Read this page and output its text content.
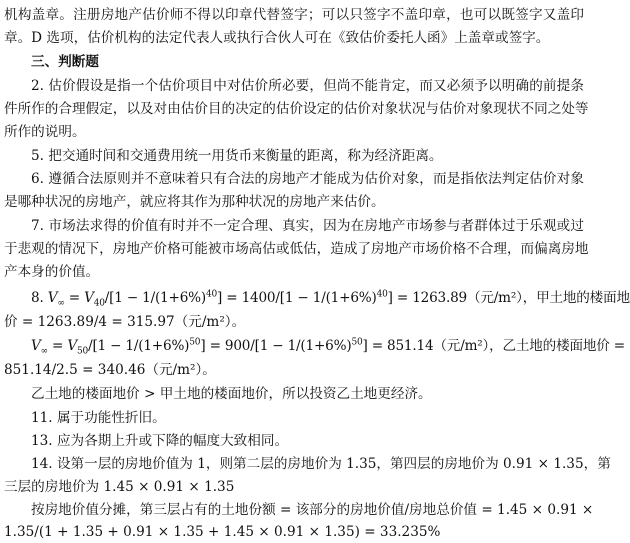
机构盖章。注册房地产估价师不得以印章代替签字；可以只签字不盖印章，也可以既签字又盖印
章。D 选项，估价机构的法定代表人或执行合伙人可在《致估价委托人函》上盖章或签字。
三、判断题
2. 估价假设是指一个估价项目中对估价所必要，但尚不能肯定，而又必须予以明确的前提条
件所作的合理假定，以及对由估价目的决定的估价设定的估价对象状况与估价对象现状不同之处等
所作的说明。
5. 把交通时间和交通费用统一用货币来衡量的距离，称为经济距离。
6. 遵循合法原则并不意味着只有合法的房地产才能成为估价对象，而是指依法判定估价对象
是哪种状况的房地产，就应将其作为那种状况的房地产来估价。
7. 市场法求得的价值有时并不一定合理、真实，因为在房地产市场参与者群体过于乐观或过
于悲观的情况下，房地产价格可能被市场高估或低估，造成了房地产市场价格不合理，而偏离房地
产本身的价值。
8. $V_\infty = V_{40}/[1 - 1/(1+6\%)^{40}] = 1400/[1 - 1/(1+6\%)^{40}] = 1263.89$（元/m²），甲土地的楼面地
价 = 1263.89/4 = 315.97（元/m²）。
$V_\infty = V_{50}/[1 - 1/(1+6\%)^{50}] = 900/[1 - 1/(1+6\%)^{50}] = 851.14$（元/m²），乙土地的楼面地价 =
851.14/2.5 = 340.46（元/m²）。
乙土地的楼面地价 > 甲土地的楼面地价，所以投资乙土地更经济。
11. 属于功能性折旧。
13. 应为各期上升或下降的幅度大致相同。
14. 设第一层的房地价值为 1，则第二层的房地价为 1.35，第四层的房地价为 0.91 × 1.35，第
三层的房地价为 1.45 × 0.91 × 1.35
按房地价值分摊，第三层占有的土地份额 = 该部分的房地价值/房地总价值 = 1.45 × 0.91 ×
1.35/(1 + 1.35 + 0.91 × 1.35 + 1.45 × 0.91 × 1.35) = 33.235%
